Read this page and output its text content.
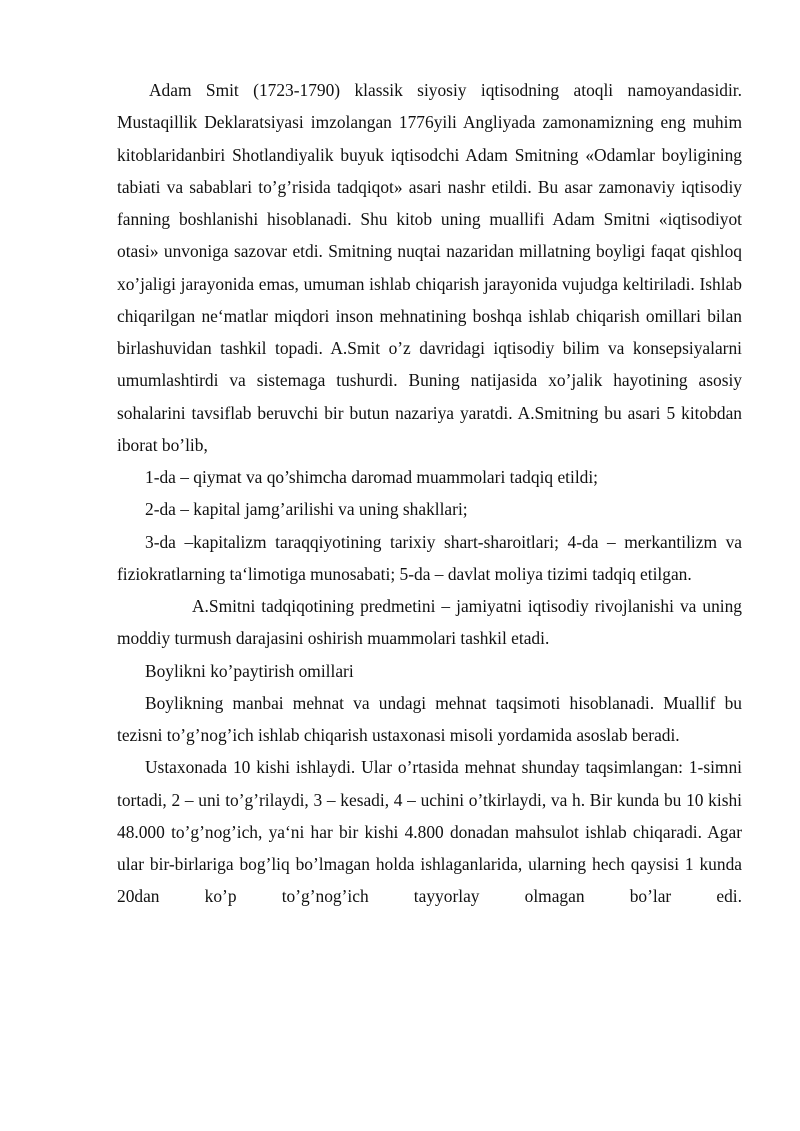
Adam Smit (1723-1790) klassik siyosiy iqtisodning atoqli namoyandasidir. Mustaqillik Deklaratsiyasi imzolangan 1776yili Angliyada zamonamizning eng muhim kitoblaridanbiri Shotlandiyalik buyuk iqtisodchi Adam Smitning «Odamlar boyligining tabiati va sabablari to’g’risida tadqiqot» asari nashr etildi. Bu asar zamonaviy iqtisodiy fanning boshlanishi hisoblanadi. Shu kitob uning muallifi Adam Smitni «iqtisodiyot otasi» unvoniga sazovar etdi. Smitning nuqtai nazaridan millatning boyligi faqat qishloq xo’jaligi jarayonida emas, umuman ishlab chiqarish jarayonida vujudga keltiriladi. Ishlab chiqarilgan ne‘matlar miqdori inson mehnatining boshqa ishlab chiqarish omillari bilan birlashuvidan tashkil topadi. A.Smit o’z davridagi iqtisodiy bilim va konsepsiyalarni umumlashtirdi va sistemaga tushurdi. Buning natijasida xo’jalik hayotining asosiy sohalarini tavsiflab beruvchi bir butun nazariya yaratdi. A.Smitning bu asari 5 kitobdan iborat bo’lib,

1-da – qiymat va qo’shimcha daromad muammolari tadqiq etildi;

2-da – kapital jamg’arilishi va uning shakllari;

3-da –kapitalizm taraqqiyotining tarixiy shart-sharoitlari; 4-da – merkantilizm va fiziokratlarning ta‘limotiga munosabati; 5-da – davlat moliya tizimi tadqiq etilgan.

A.Smitni tadqiqotining predmetini – jamiyatni iqtisodiy rivojlanishi va uning moddiy turmush darajasini oshirish muammolari tashkil etadi.

Boylikni ko’paytirish omillari

Boylikning manbai mehnat va undagi mehnat taqsimoti hisoblanadi. Muallif bu tezisni to’g’nog’ich ishlab chiqarish ustaxonasi misoli yordamida asoslab beradi.

Ustaxonada 10 kishi ishlaydi. Ular o’rtasida mehnat shunday taqsimlangan: 1-simni tortadi, 2 – uni to’g’rilaydi, 3 – kesadi, 4 – uchini o’tkirlaydi, va h. Bir kunda bu 10 kishi 48.000 to’g’nog’ich, ya‘ni har bir kishi 4.800 donadan mahsulot ishlab chiqaradi. Agar ular bir-birlariga bog’liq bo’lmagan holda ishlaganlarida, ularning hech qaysisi 1 kunda 20dan ko’p to’g’nog’ich tayyorlay olmagan bo’lar edi.
